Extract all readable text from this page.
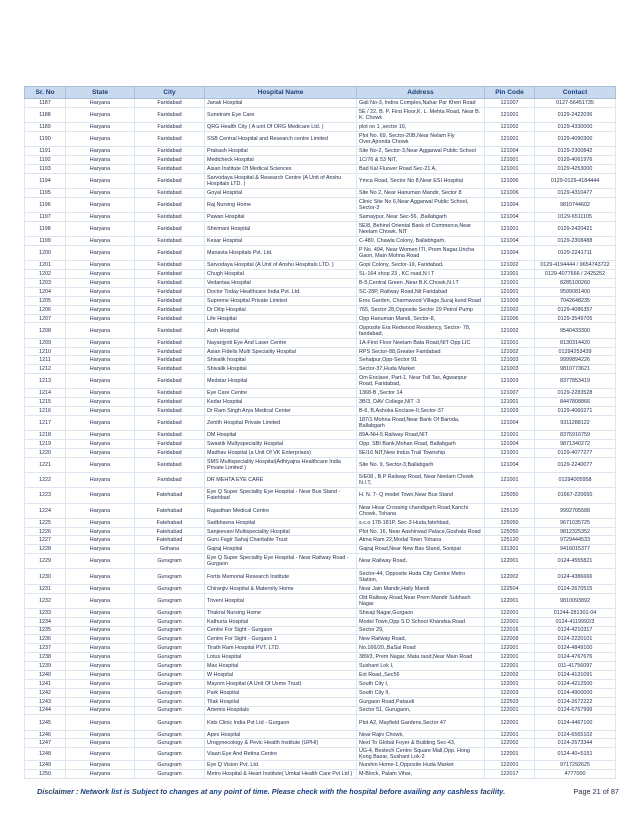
Sr. No	State	City	Hospital Name	Address	Pin Code	Contact
1187	Haryana	Faridabad	Janak Hospital	Gali No-3, Indira Complex,Nahar Par Kheri Road	121007	0127-56451735
1188	Haryana	Faridabad	Sunetram Eye Care	5E / 22, B. P. First Floor,K. L. Mehta Road, Near B. K. Chowk	121001	0129-2422036
1189	Haryana	Faridabad	QRG Health City ( A unit Of ORG Medicare Ltd. )	plot no 1 ,sector 16,	121002	0129-4330000
1190	Haryana	Faridabad	SSB Central Hospital and Research centre Limited	Plot No. 69, Sector-20B,Near Nelam Fly Over,Ajronda Chowk	121001	0129-4090300
1191	Haryana	Faridabad	Prakash Hospital	Site No-2, Sector-3,Near Aggarwal Public School	121004	0129-2300842
1192	Haryana	Faridabad	Medicheck Hospital	1C/76 & 53 NIT,	121001	0129-4061976
1193	Haryana	Faridabad	Asian Institute Of Medical Sciences	Bad Kal Fluover Road Sec-21 A,	121001	0129-4253000
1194	Haryana	Faridabad	Sarvodaya Hospital & Research Centre (A Unit of Anshu Hospitals LTD. )	Ymca Road, Sector No 8,Near ESI Hospital	121006	0129-0129-4184444
1195	Haryana	Faridabad	Goyal Hospital	Site No 2, Near Hanuman Mandir, Sector 8	121006	0129-4310477
1196	Haryana	Faridabad	Raj Nursing Home	Clinic Site No 6,Near Aggarwal Public School, Sector-3	121004	9810744602
1197	Haryana	Faridabad	Pawan Hospital	Samaypur, Near Sec-56, ,Ballabgarh	121004	0129-6511105
1198	Haryana	Faridabad	Shivmani Hospital	5E/8, Behind Oriental Bank of Commerce,Near Neelam Chowk, NIT	121001	0129-2420421
1199	Haryana	Faridabad	Kesar Hospital	C-480, Chawla Colony, Ballabhgarh,	121004	0129-2308488
1200	Haryana	Faridabad	Manavta Hospitals Pvt. Ltd.	P No. 494, Near Women ITI, Prem Nagar,Uncha Gaon, Main Mohna Road	121004	0129-2241711
1201	Haryana	Faridabad	Sarvodaya Hospital (A Unit of Anshu Hospitals LTD. )	Gopi Colony, Sector-19, Faridabad,	121002	0129-4194444 / 9654743722
1202	Haryana	Faridabad	Chugh Hospital	SL-164 shop 23 , KC road,N I T	121001	0129-4077666 / 2425252
1203	Haryana	Faridabad	Vedantaa Hospital	B-5,Central Green ,Near B.K.Chowk,N.I.T	121001	8285100260
1204	Haryana	Faridabad	Doctor Today Healthcare India Pvt. Ltd.	SC-28P, Railway Road,Nit Faridabad	121001	9599081400
1205	Haryana	Faridabad	Supreme Hospital Private Limited	Eros Garden, Charmwood Village,Suraj kund Road	121009	7042648235
1206	Haryana	Faridabad	Dr Dilip Hospital	765, Sector 28,Opposite Sector 29 Petrol Pump	121002	0129-4086357
1207	Haryana	Faridabad	Life Hospital	Opp Hanuman Mandi, Sector-8,	121006	0129-3549705
1208	Haryana	Faridabad	Arsh Hospital	Opposite Era Redwood Residency, Sector- 78, faridabad,	121002	9540433300
1209	Haryana	Faridabad	Nayanjyoti Eye And Laser Centre	1A-First Floor Neelam Bata Road,NIT Opp LIC	121001	8130314420
1210	Haryana	Faridabad	Asian Fidelis Multi Speciality Hospital	RPS Sector-88,Greater Faridabad	121002	01294253439
1211	Haryana	Faridabad	Shivalik hospital	Sehatpur,Opp-Sector 91	121003	9999894226
1212	Haryana	Faridabad	Shivalik Hospital	Sector-37,Huda Market	121003	9810773621
1213	Haryana	Faridabad	Medstar Hospital	Om Enclave, Part-1, Near Toll Tax, Agwanpur Road, Faridabad,	121003	8377853419
1214	Haryana	Faridabad	Eye Care Centre	1368-B ,Sector 14	121007	0129-2283528
1215	Haryana	Faridabad	Kedar Hospital	3B/3, DAV College,NIT -3	121001	8447808866
1216	Haryana	Faridabad	Dr Ram Singh Arya Medical Center	B-6, B,Ashoka Enclave-II,Sector-37	121003	0129-4060271
1217	Haryana	Faridabad	Zenith Hospital Private Limited	187/1 Mohna Road,Near Bank Of Baroda, Ballabgarh	121004	9311288122
1218	Haryana	Faridabad	DM Hospital	89A-NH-5 Railway Road,NIT	121001	8375916759
1219	Haryana	Faridabad	Swastik Multyspeciality Hospital	Opp. SBI Bank,Mohan Road, Ballabgarh	121004	9871340272
1220	Haryana	Faridabad	Madhav Hospital (a Unit Of VK Enterprises)	5E/16 NIT,New Indus Trail Township	121001	0129-4077277
1221	Haryana	Faridabad	SMS Multispeciality Hospital(Adhiyajna Healthcare India Private Limited )	Site No. 9, Sector-3,Ballabgarh	121004	0129-2240077
1222	Haryana	Faridabad	DR MEHTA EYE CARE	5/E08 , B.P Railway Road, Near Neelam Chowk N.I.T,	121001	01294005958
1223	Haryana	Fatehabad	Eye Q Super Speciality Eye Hospital - Near Bus Stand - Fatehbad	H. N. 7- Q model Town,Near Bus Stand	125050	01667-220650
1224	Haryana	Fatehabad	Rajasthan Medical Centre	Near Hisar Crossing chandigarh Road,Kanchi Chowk, Tohana	125120	9992705588
1225	Haryana	Fatehabad	Sadbhavna Hospital	s.c.o 178-181P, Sec-3 Huda,fatehbad,	125050	9671035725
1226	Haryana	Fatehabad	Sanjeevani Multispeciality Hospital	Plot No. 16, Near Aashirwad Palace,Goshala Road	125050	9812325352
1227	Haryana	Fatehabad	Guru Fagir Sahaj Charitable Trust	Atma Ram 22,Modal Town Tohana	125120	9729444533
1228	Haryana	Gohana	Gajraj Hospital	Gajraj Road,Near New Bas Stand, Sonipat	131301	9416015377
1229	Haryana	Gurugram	Eye Q Super Speciality Eye Hospital - Near Railway Road - Gurgaon	Near Railway Road,	122001	0124-4555821
1230	Haryana	Gurugram	Fortis Memorial Research Institute	Sector-44, Opposite Huda City Centre Metro Station,	122002	0124-4386666
1231	Haryana	Gurugram	Chiranjiv Hospital & Maternity Home	Near Jain Mandir,Haily Mandi	122504	0124-2670515
1232	Haryana	Gurugram	Triveni Hospital	Old Railway Road,Near Prem Mandir Subhash Nagar	122001	9810093892
1233	Haryana	Gurugram	Thakral Nursing Home	Shivaji Nagar,Gurgaon	122001	01244-281301-04
1234	Haryana	Gurugram	Kathuria Hospital	Model Town,Opp S D School Khandsa Road	122001	0124-4119992/3
1235	Haryana	Gurugram	Centre For Sight - Gurgaon	Sector 29,	122016	0124-4210317
1236	Haryana	Gurugram	Centre For Sight - Gurgaon 1	New Railway Road,	122009	0124-2220101
1237	Haryana	Gurugram	Tirath Ram Hospital PVT. LTD.	No.166/20,,BaSai Road	122001	0124-4849100
1238	Haryana	Gurugram	Lotus Hospital	389/3, Prem Nagar, Mata raod,Near Main Road	122001	0124-4767676
1239	Haryana	Gurugram	Max Hospital	Sushant Lok I,	122001	011-41756097
1240	Haryana	Gurugram	W Hospital	Ext Road,,Sec56	122002	0124-4131091
1241	Haryana	Gurugram	Mayom Hospital (A Unit Of Usme Trust)	South City I,	122001	0124-4212500
1242	Haryana	Gurugram	Park Hospital	South City II,	122003	0124-4900000
1243	Haryana	Gurugram	Tilak Hospital	Gurgaon Road,Pataudi	122503	0124-2672222
1244	Haryana	Gurugram	Artemis Hospitals	Sector 51, Gurugaon,	122001	0124-6767999
1245	Haryana	Gurugram	Kids Clinic India Pvt Ltd - Gurgaon	Plot A2, Mayfield Gardens,Sector 47	122001	0124-4467100
1246	Haryana	Gurugram	Apex Hospital	Near Rajiv Chowk,	122001	0124-6565102
1247	Haryana	Gurugram	Urogynecology & Pevic Health Institute (UPHI)	Next To Global Foyer & Building Sec-43,	122002	0124-2573344
1248	Haryana	Gurugram	Viaan Eye And Retina Centre	UG-4, Bestech Centre Square Mall,Opp. Hong Kong Bazar, Sushant Lok-2	122001	0124-40+5151
1249	Haryana	Gurugram	Eye Q Vision Pvt. Ltd.	Nurshin Home-1,Opposite Huda Market	122001	9717292625
1250	Haryana	Gurugram	Metro Hospital & Heart Institute( Umkal Health Care Pvt Ltd )	M-Block, Palam Vihar,	122017	4777000
Disclaimer : Network list is Subject to changes at any point of time. Please check with the hospital before availing any cashless facility.	Page 21 of 87
